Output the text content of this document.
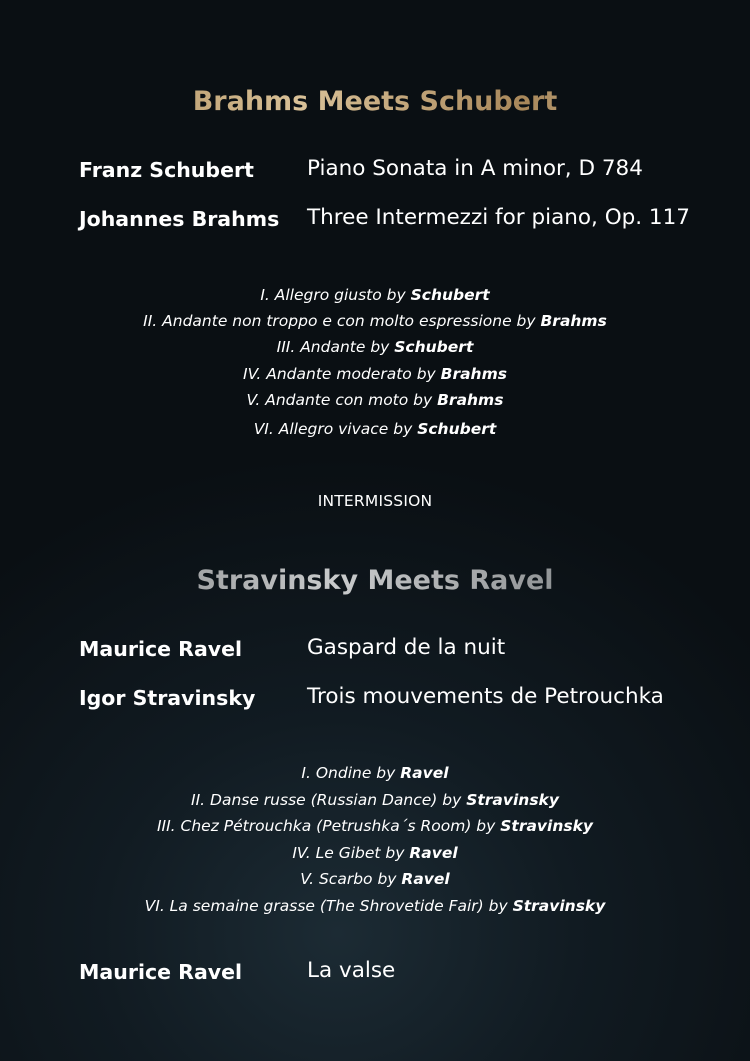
Brahms Meets Schubert
Franz Schubert Piano Sonata in A minor, D 784
Johannes Brahms Three Intermezzi for piano, Op. 117
I. Allegro giusto by Schubert
II. Andante non troppo e con molto espressione by Brahms
III. Andante by Schubert
IV. Andante moderato by Brahms
V. Andante con moto by Brahms
VI. Allegro vivace by Schubert
INTERMISSION
Stravinsky Meets Ravel
Maurice Ravel	Gaspard de la nuit
Igor Stravinsky Trois mouvements de Petrouchka
I. Ondine by Ravel
II. Danse russe (Russian Dance) by Stravinsky
III. Chez Pétrouchka (Petrushka´s Room) by Stravinsky
IV. Le Gibet by Ravel
V. Scarbo by Ravel
VI. La semaine grasse (The Shrovetide Fair) by Stravinsky
Maurice Ravel	La valse
